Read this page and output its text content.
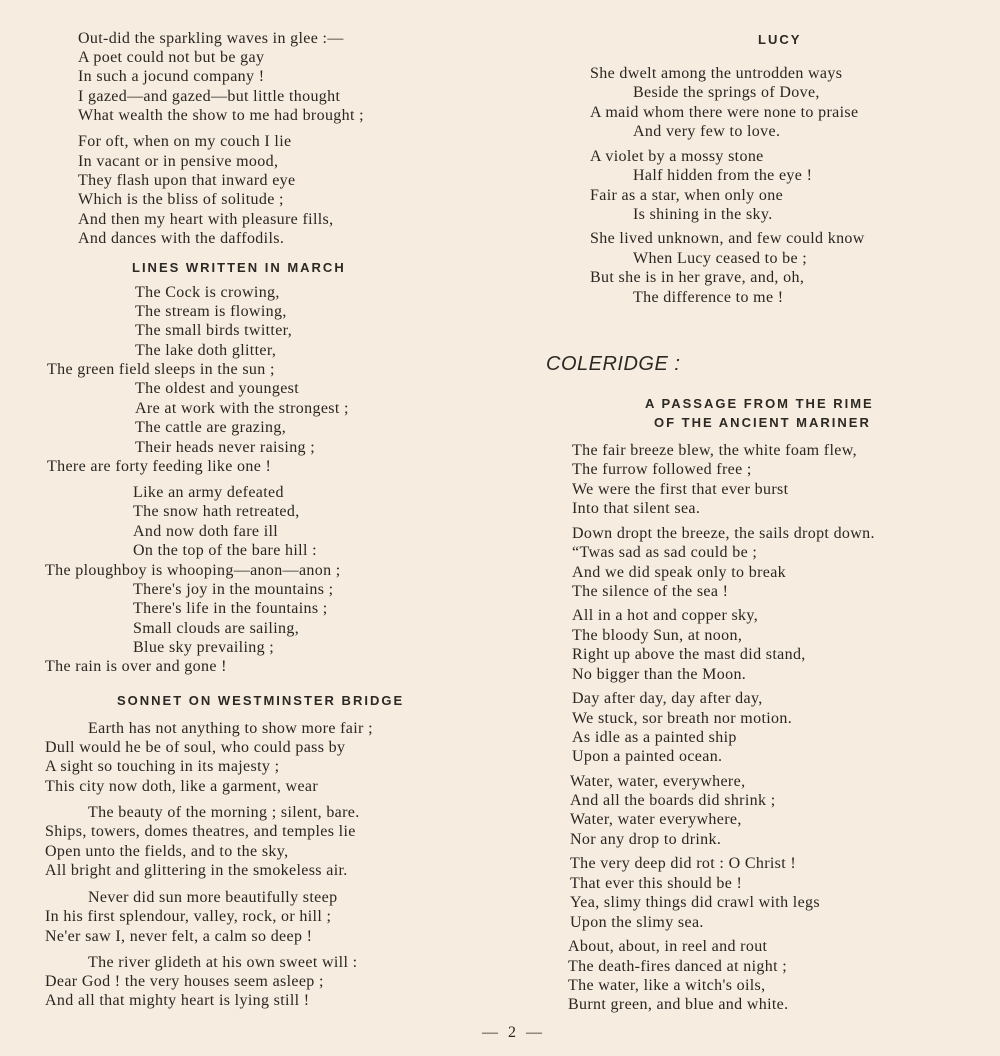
Out-did the sparkling waves in glee :—
A poet could not but be gay
In such a jocund company !
I gazed—and gazed—but little thought
What wealth the show to me had brought ;
For oft, when on my couch I lie
In vacant or in pensive mood,
They flash upon that inward eye
Which is the bliss of solitude ;
And then my heart with pleasure fills,
And dances with the daffodils.
LINES WRITTEN IN MARCH
The Cock is crowing,
The stream is flowing,
The small birds twitter,
The lake doth glitter,
The green field sleeps in the sun ;
The oldest and youngest
Are at work with the strongest ;
The cattle are grazing,
Their heads never raising ;
There are forty feeding like one !
Like an army defeated
The snow hath retreated,
And now doth fare ill
On the top of the bare hill :
The ploughboy is whooping—anon—anon ;
There's joy in the mountains ;
There's life in the fountains ;
Small clouds are sailing,
Blue sky prevailing ;
The rain is over and gone !
SONNET ON WESTMINSTER BRIDGE
Earth has not anything to show more fair ;
Dull would he be of soul, who could pass by
A sight so touching in its majesty ;
This city now doth, like a garment, wear
The beauty of the morning ; silent, bare.
Ships, towers, domes theatres, and temples lie
Open unto the fields, and to the sky,
All bright and glittering in the smokeless air.
Never did sun more beautifully steep
In his first splendour, valley, rock, or hill ;
Ne'er saw I, never felt, a calm so deep !
The river glideth at his own sweet will :
Dear God ! the very houses seem asleep ;
And all that mighty heart is lying still !
LUCY
She dwelt among the untrodden ways
Beside the springs of Dove,
A maid whom there were none to praise
And very few to love.
A violet by a mossy stone
Half hidden from the eye !
Fair as a star, when only one
Is shining in the sky.
She lived unknown, and few could know
When Lucy ceased to be ;
But she is in her grave, and, oh,
The difference to me !
COLERIDGE :
A PASSAGE FROM THE RIME
OF THE ANCIENT MARINER
The fair breeze blew, the white foam flew,
The furrow followed free ;
We were the first that ever burst
Into that silent sea.
Down dropt the breeze, the sails dropt down.
“Twas sad as sad could be ;
And we did speak only to break
The silence of the sea !
All in a hot and copper sky,
The bloody Sun, at noon,
Right up above the mast did stand,
No bigger than the Moon.
Day after day, day after day,
We stuck, sor breath nor motion.
As idle as a painted ship
Upon a painted ocean.
Water, water, everywhere,
And all the boards did shrink ;
Water, water everywhere,
Nor any drop to drink.
The very deep did rot : O Christ !
That ever this should be !
Yea, slimy things did crawl with legs
Upon the slimy sea.
About, about, in reel and rout
The death-fires danced at night ;
The water, like a witch's oils,
Burnt green, and blue and white.
— 2 —
